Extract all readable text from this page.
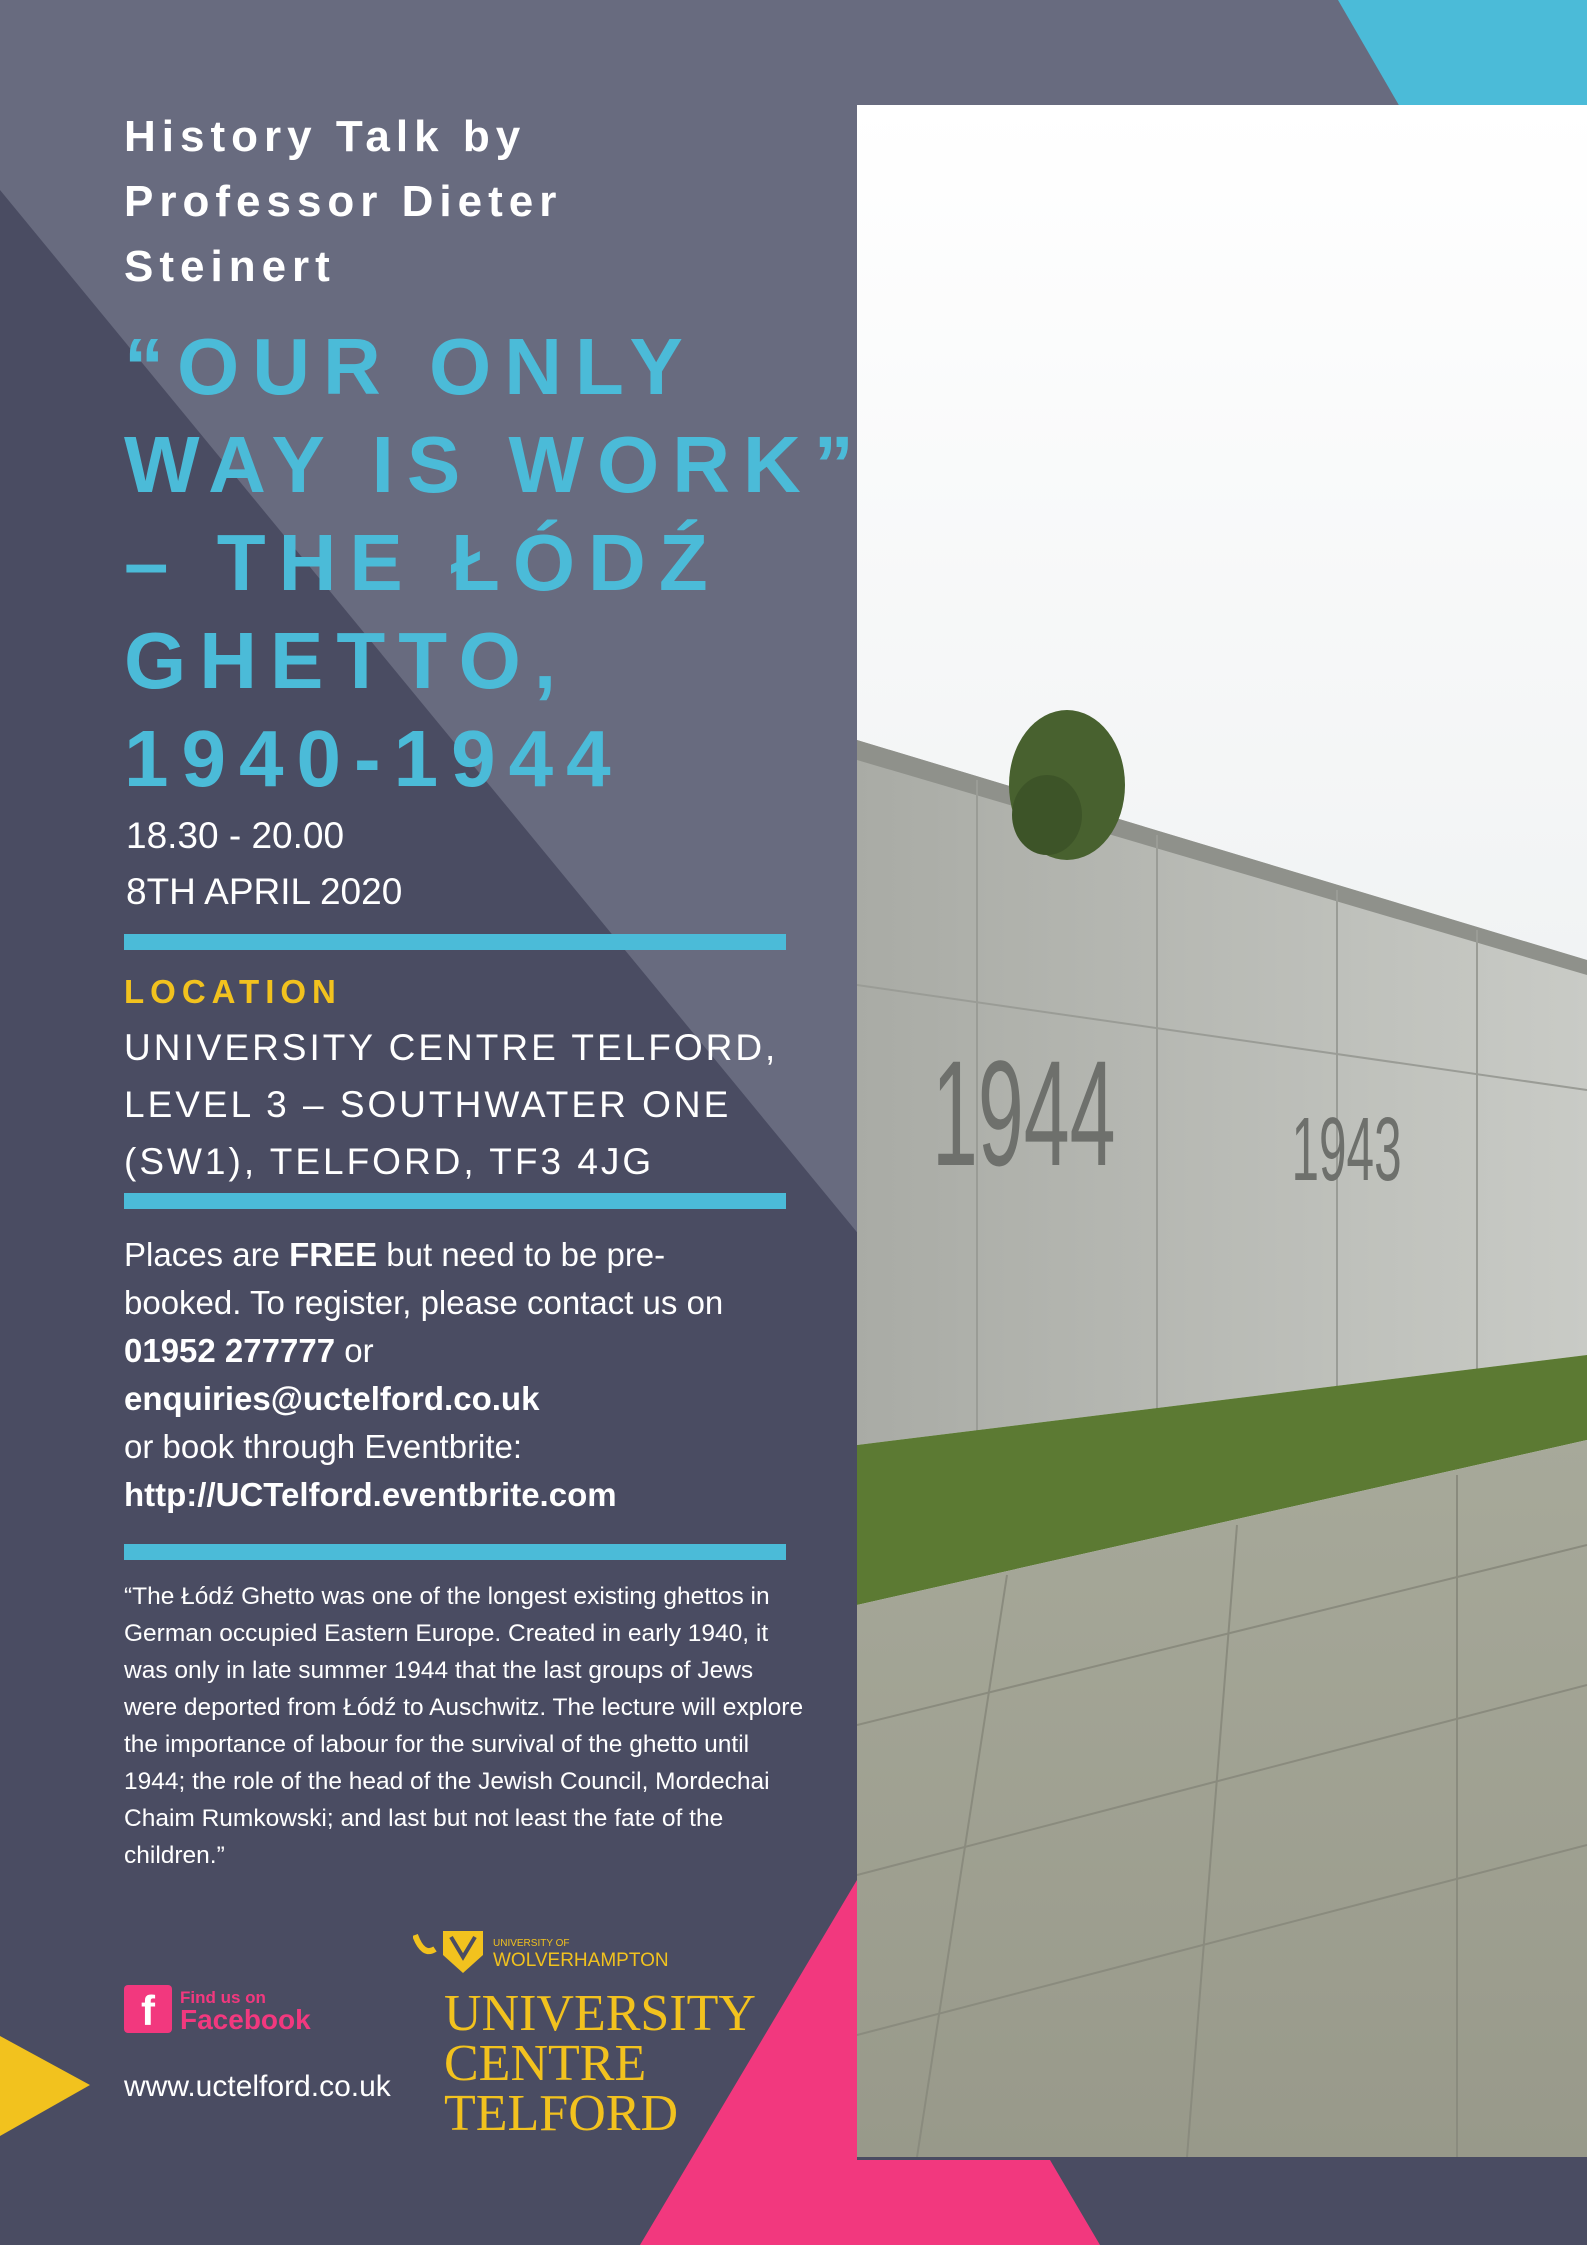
1944 1943
History Talk by
Professor Dieter
Steinert
“OUR ONLY
WAY IS WORK”
– THE ŁÓDŹ
GHETTO,
1940-1944
18.30 - 20.00
8TH APRIL 2020
LOCATION
UNIVERSITY CENTRE TELFORD,
LEVEL 3 – SOUTHWATER ONE
(SW1), TELFORD, TF3 4JG
Places are FREE but need to be pre-booked. To register, please contact us on
01952 277777 or
enquiries@uctelford.co.uk
or book through Eventbrite:
http://UCTelford.eventbrite.com
“The Łódź Ghetto was one of the longest existing ghettos in German occupied Eastern Europe. Created in early 1940, it was only in late summer 1944 that the last groups of Jews were deported from Łódź to Auschwitz. The lecture will explore the importance of labour for the survival of the ghetto until 1944; the role of the head of the Jewish Council, Mordechai Chaim Rumkowski; and last but not least the fate of the children.”
f	Find us on
Facebook
www.uctelford.co.uk
UNIVERSITY OF
WOLVERHAMPTON
UNIVERSITY
CENTRE
TELFORD
